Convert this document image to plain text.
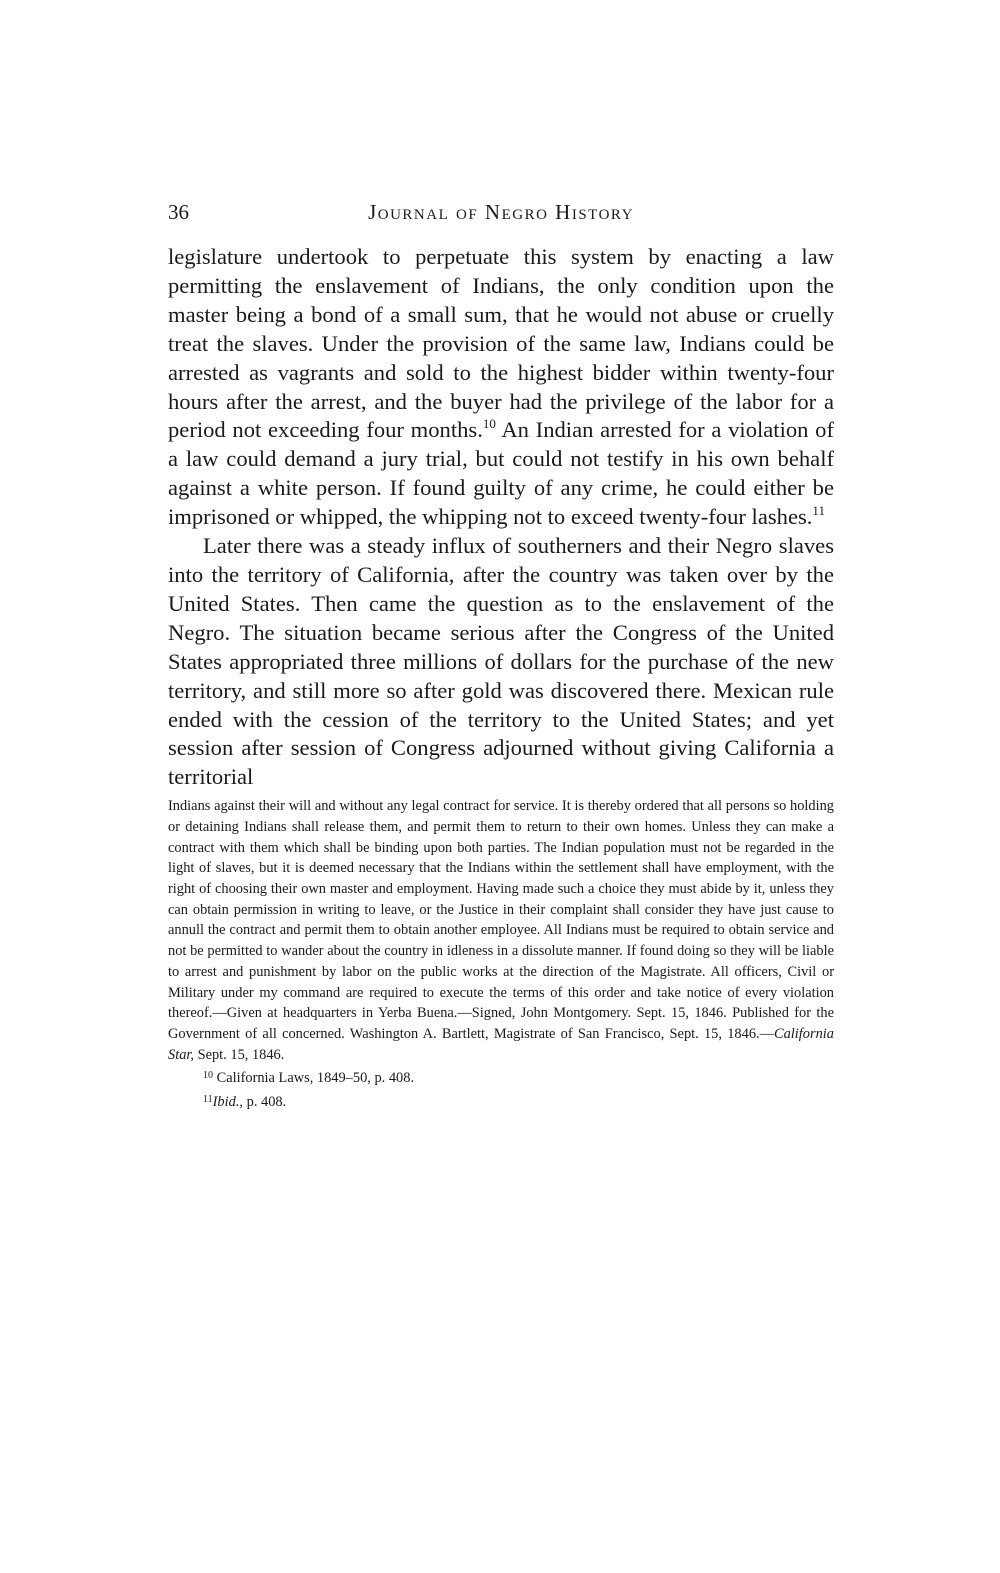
36	Journal of Negro History

legislature undertook to perpetuate this system by enacting a law permitting the enslavement of Indians, the only condition upon the master being a bond of a small sum, that he would not abuse or cruelly treat the slaves. Under the provision of the same law, Indians could be arrested as vagrants and sold to the highest bidder within twenty-four hours after the arrest, and the buyer had the privilege of the labor for a period not exceeding four months.$^{10}$ An Indian arrested for a violation of a law could demand a jury trial, but could not testify in his own behalf against a white person. If found guilty of any crime, he could either be imprisoned or whipped, the whipping not to exceed twenty-four lashes.$^{11}$

Later there was a steady influx of southerners and their Negro slaves into the territory of California, after the country was taken over by the United States. Then came the question as to the enslavement of the Negro. The situation became serious after the Congress of the United States appropriated three millions of dollars for the purchase of the new territory, and still more so after gold was discovered there. Mexican rule ended with the cession of the territory to the United States; and yet session after session of Congress adjourned without giving California a territorial

Indians against their will and without any legal contract for service. It is thereby ordered that all persons so holding or detaining Indians shall release them, and permit them to return to their own homes. Unless they can make a contract with them which shall be binding upon both parties. The Indian population must not be regarded in the light of slaves, but it is deemed necessary that the Indians within the settlement shall have employment, with the right of choosing their own master and employment. Having made such a choice they must abide by it, unless they can obtain permission in writing to leave, or the Justice in their complaint shall consider they have just cause to annull the contract and permit them to obtain another employee. All Indians must be required to obtain service and not be permitted to wander about the country in idleness in a dissolute manner. If found doing so they will be liable to arrest and punishment by labor on the public works at the direction of the Magistrate. All officers, Civil or Military under my command are required to execute the terms of this order and take notice of every violation thereof.—Given at headquarters in Yerba Buena.—Signed, John Montgomery. Sept. 15, 1846. Published for the Government of all concerned. Washington A. Bartlett, Magistrate of San Francisco, Sept. 15, 1846.—California Star, Sept. 15, 1846.

$^{10}$ California Laws, 1849–50, p. 408.

$^{11}$Ibid., p. 408.
